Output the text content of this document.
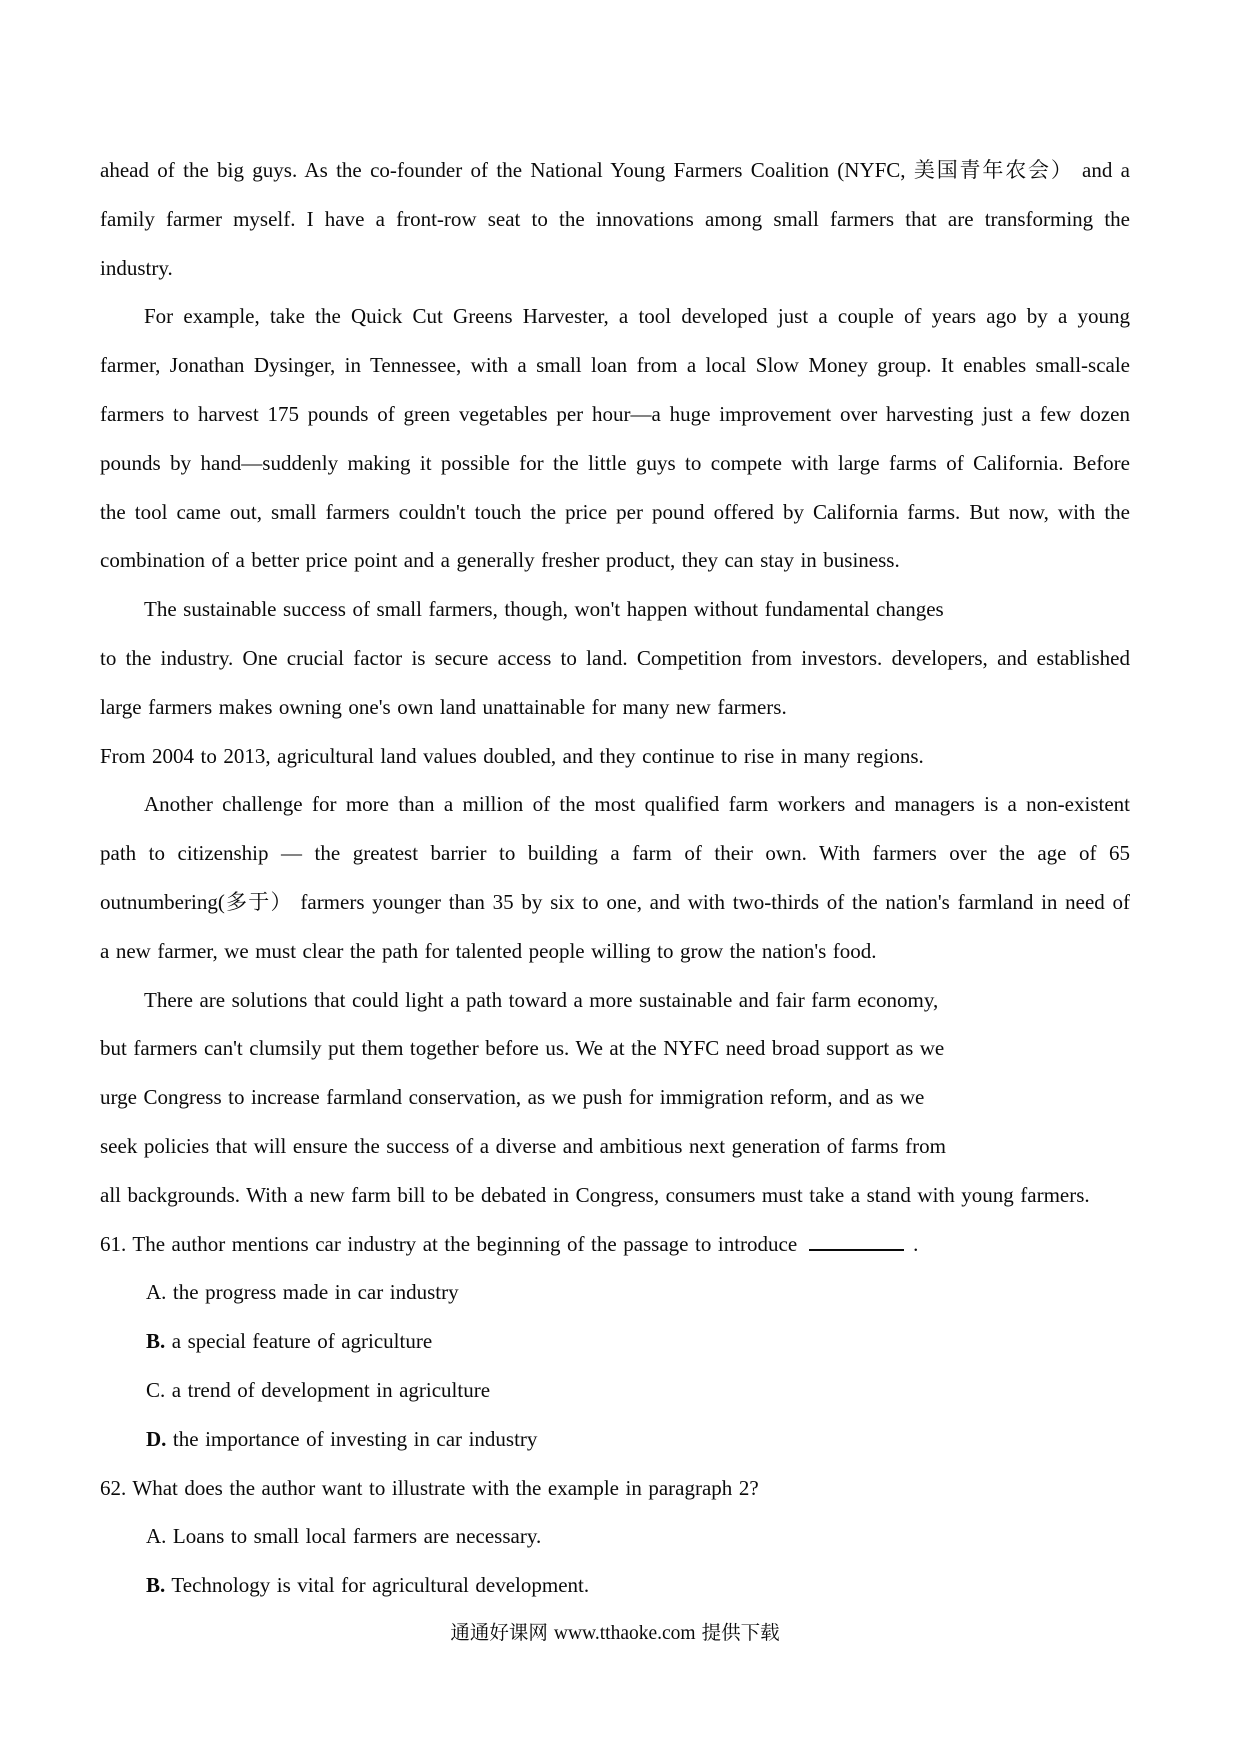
ahead of the big guys. As the co-founder of the National Young Farmers Coalition (NYFC, 美国青年农会） and a
family farmer myself. I have a front-row seat to the innovations among small farmers that are transforming the
industry.
For example, take the Quick Cut Greens Harvester, a tool developed just a couple of years ago by a young
farmer, Jonathan Dysinger, in Tennessee, with a small loan from a local Slow Money group. It enables small-scale
farmers to harvest 175 pounds of green vegetables per hour—a huge improvement over harvesting just a few dozen
pounds by hand—suddenly making it possible for the little guys to compete with large farms of California. Before
the tool came out, small farmers couldn't touch the price per pound offered by California farms. But now, with the
combination of a better price point and a generally fresher product, they can stay in business.
The sustainable success of small farmers, though, won't happen without fundamental changes
to the industry. One crucial factor is secure access to land. Competition from investors. developers, and established
large farmers makes owning one's own land unattainable for many new farmers.
From 2004 to 2013, agricultural land values doubled, and they continue to rise in many regions.
Another challenge for more than a million of the most qualified farm workers and managers is a non-existent
path to citizenship — the greatest barrier to building a farm of their own. With farmers over the age of 65
outnumbering(多于） farmers younger than 35 by six to one, and with two-thirds of the nation's farmland in need of
a new farmer, we must clear the path for talented people willing to grow the nation's food.
There are solutions that could light a path toward a more sustainable and fair farm economy,
but farmers can't clumsily put them together before us. We at the NYFC need broad support as we
urge Congress to increase farmland conservation, as we push for immigration reform, and as we
seek policies that will ensure the success of a diverse and ambitious next generation of farms from
all backgrounds. With a new farm bill to be debated in Congress, consumers must take a stand with young farmers.
61. The author mentions car industry at the beginning of the passage to introduce	.
A. the progress made in car industry
B. a special feature of agriculture
C. a trend of development in agriculture
D. the importance of investing in car industry
62. What does the author want to illustrate with the example in paragraph 2?
A. Loans to small local farmers are necessary.
B. Technology is vital for agricultural development.
通通好课网 www.tthaoke.com 提供下载
